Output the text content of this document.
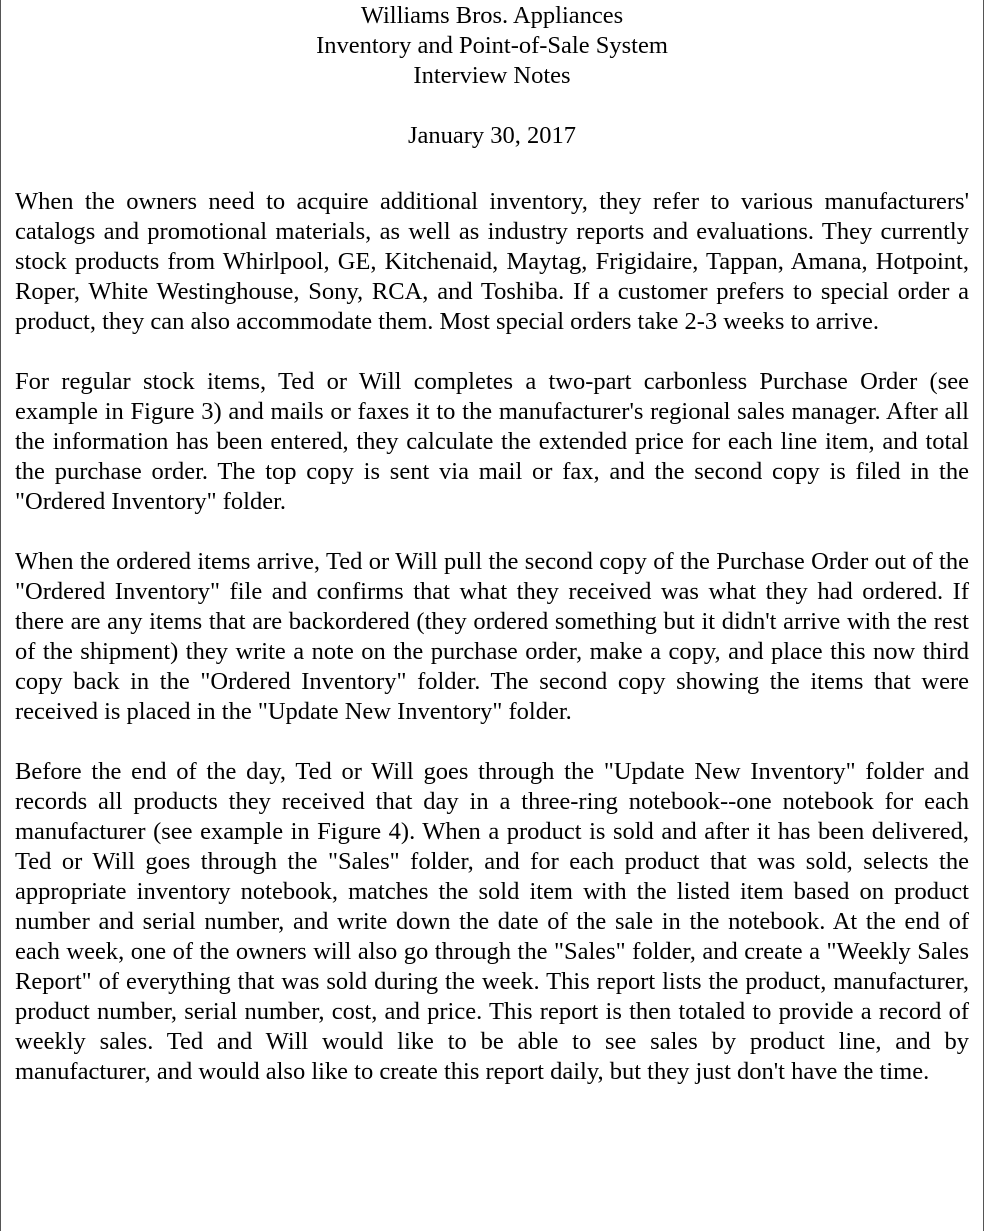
Williams Bros. Appliances
Inventory and Point-of-Sale System
Interview Notes
January 30, 2017

When the owners need to acquire additional inventory, they refer to various manufacturers' catalogs and promotional materials, as well as industry reports and evaluations. They currently stock products from Whirlpool, GE, Kitchenaid, Maytag, Frigidaire, Tappan, Amana, Hotpoint, Roper, White Westinghouse, Sony, RCA, and Toshiba. If a customer prefers to special order a product, they can also accommodate them. Most special orders take 2-3 weeks to arrive.

For regular stock items, Ted or Will completes a two-part carbonless Purchase Order (see example in Figure 3) and mails or faxes it to the manufacturer's regional sales manager. After all the information has been entered, they calculate the extended price for each line item, and total the purchase order. The top copy is sent via mail or fax, and the second copy is filed in the "Ordered Inventory" folder.

When the ordered items arrive, Ted or Will pull the second copy of the Purchase Order out of the "Ordered Inventory" file and confirms that what they received was what they had ordered. If there are any items that are backordered (they ordered something but it didn't arrive with the rest of the shipment) they write a note on the purchase order, make a copy, and place this now third copy back in the "Ordered Inventory" folder. The second copy showing the items that were received is placed in the "Update New Inventory" folder.

Before the end of the day, Ted or Will goes through the "Update New Inventory" folder and records all products they received that day in a three-ring notebook--one notebook for each manufacturer (see example in Figure 4). When a product is sold and after it has been delivered, Ted or Will goes through the "Sales" folder, and for each product that was sold, selects the appropriate inventory notebook, matches the sold item with the listed item based on product number and serial number, and write down the date of the sale in the notebook. At the end of each week, one of the owners will also go through the "Sales" folder, and create a "Weekly Sales Report" of everything that was sold during the week. This report lists the product, manufacturer, product number, serial number, cost, and price. This report is then totaled to provide a record of weekly sales. Ted and Will would like to be able to see sales by product line, and by manufacturer, and would also like to create this report daily, but they just don't have the time.
